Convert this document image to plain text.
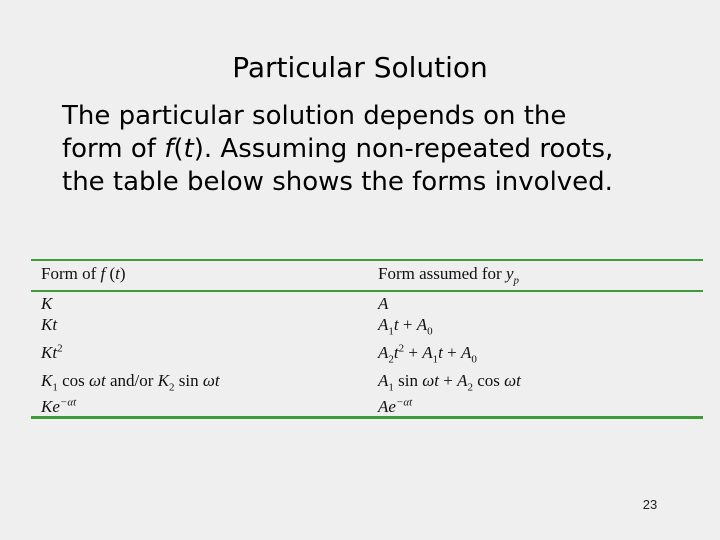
Particular Solution
The particular solution depends on the
form of f(t). Assuming non-repeated roots,
the table below shows the forms involved.
Form of f (t)	Form assumed for $y_p$
K	A
Kt	$A_1t + A_0$
Kt$^2$	$A_2t^2 + A_1t + A_0$
$K_1$ cos ωt and/or $K_2$ sin ωt	$A_1$ $\sin \omega t + A_2$ cos ωt
$Ke^{-\alpha t}$	$Ae^{-\alpha t}$
23
